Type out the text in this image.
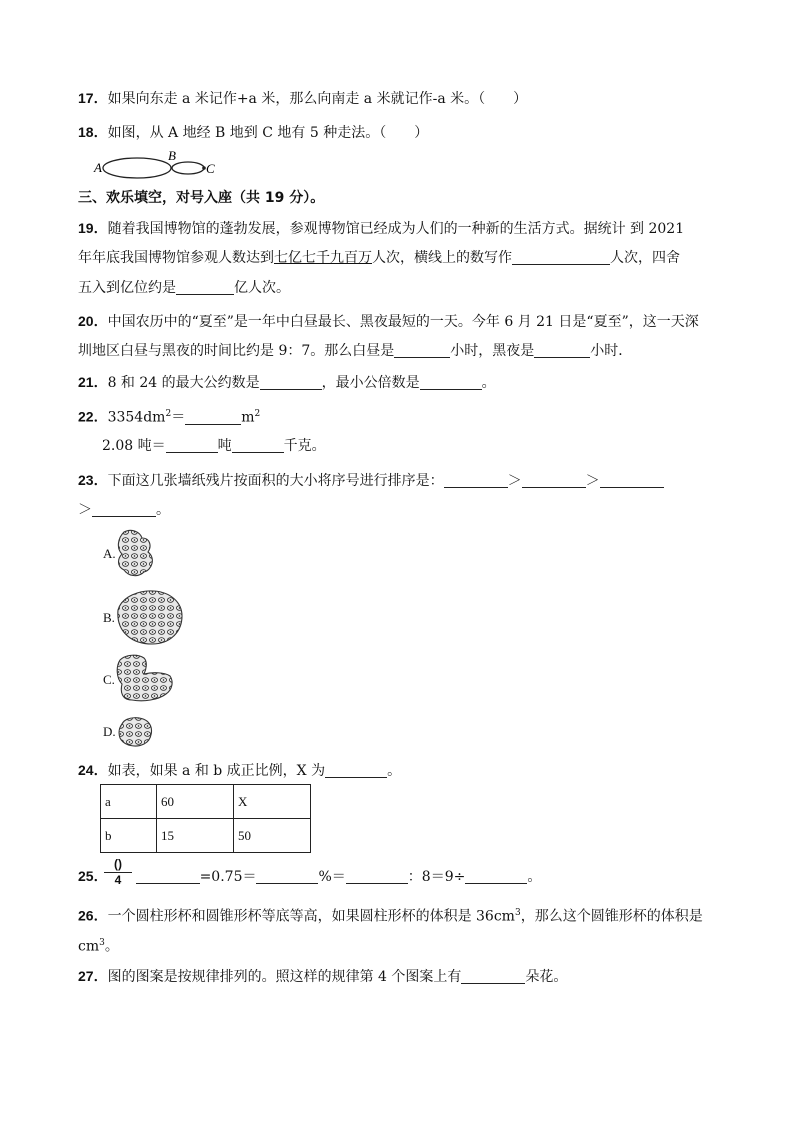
17．如果向东走 a 米记作+a 米，那么向南走 a 米就记作-a 米。（　　）
18．如图，从 A 地经 B 地到 C 地有 5 种走法。（　　）
A
B
C
三、欢乐填空，对号入座（共 19 分）。
19．随着我国博物馆的蓬勃发展，参观博物馆已经成为人们的一种新的生活方式。据统计 到 2021
年年底我国博物馆参观人数达到七亿七千九百万人次，横线上的数写作	人次，四舍
五入到亿位约是	亿人次。
20．中国农历中的“夏至”是一年中白昼最长、黑夜最短的一天。今年 6 月 21 日是“夏至”，这一天深
圳地区白昼与黑夜的时间比约是 9：7。那么白昼是	小时，黑夜是	小时．
21．8 和 24 的最大公约数是	，最小公倍数是	。
22．$3354dm^2=$	$m^2$
2.08 吨＝	吨	千克。
23．下面这几张墙纸残片按面积的大小将序号进行排序是：	＞	＞
＞	。
A.
B.
C.
D.
24．如表，如果 a 和 b 成正比例，X 为	。
a	60	X
b	15	50
()
4
25．	=0.75＝	%＝	：8＝9÷	。
26．一个圆柱形杯和圆锥形杯等底等高，如果圆柱形杯的体积是 $36cm^3$，那么这个圆锥形杯的体积是
$cm^3$。
27．图的图案是按规律排列的。照这样的规律第 4 个图案上有	朵花。
